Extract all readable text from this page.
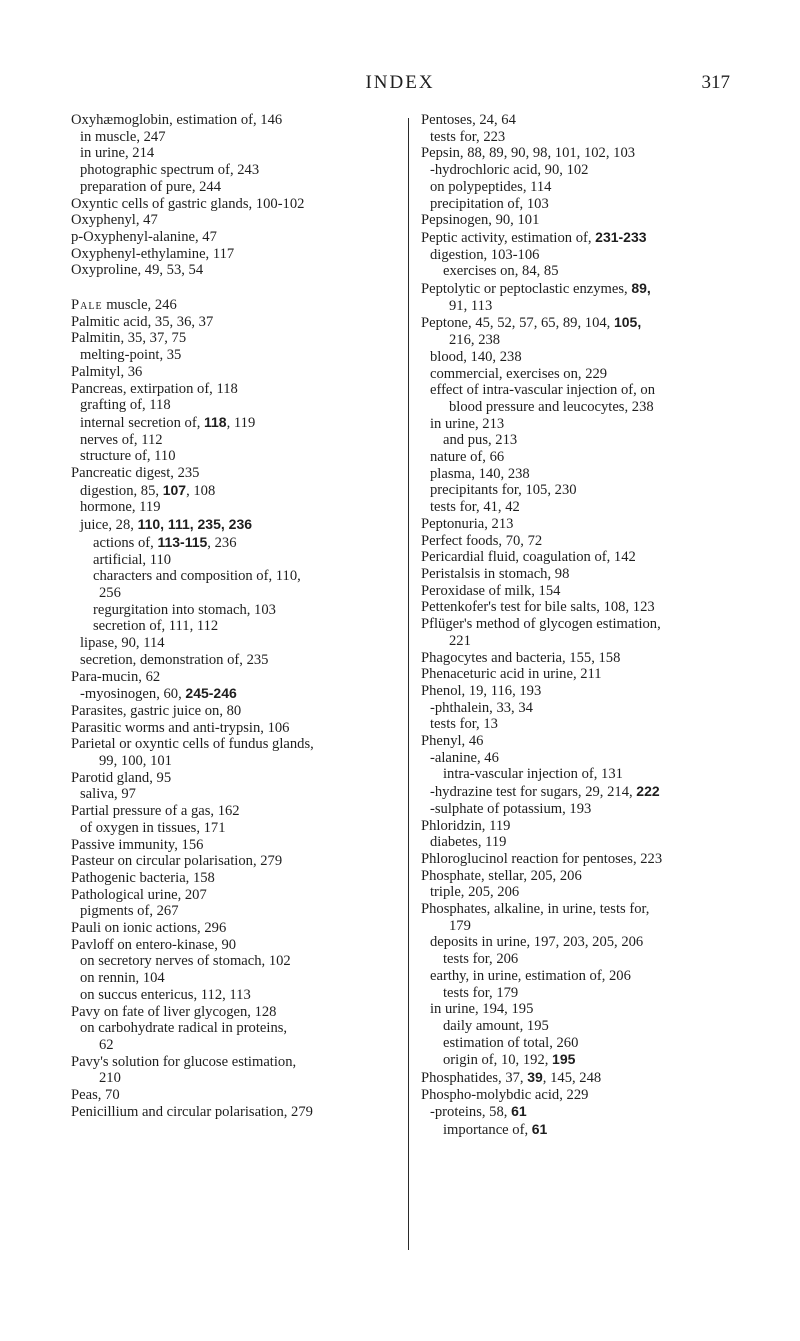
INDEX	317
Oxyhæmoglobin, estimation of, 146
in muscle, 247
in urine, 214
photographic spectrum of, 243
preparation of pure, 244
Oxyntic cells of gastric glands, 100-102
Oxyphenyl, 47
p-Oxyphenyl-alanine, 47
Oxyphenyl-ethylamine, 117
Oxyproline, 49, 53, 54
Pale muscle, 246
Palmitic acid, 35, 36, 37
Palmitin, 35, 37, 75
melting-point, 35
Palmityl, 36
Pancreas, extirpation of, 118
grafting of, 118
internal secretion of, 118, 119
nerves of, 112
structure of, 110
Pancreatic digest, 235
digestion, 85, 107, 108
hormone, 119
juice, 28, 110, 111, 235, 236
actions of, 113-115, 236
artificial, 110
characters and composition of, 110,
256
regurgitation into stomach, 103
secretion of, 111, 112
lipase, 90, 114
secretion, demonstration of, 235
Para-mucin, 62
-myosinogen, 60, 245-246
Parasites, gastric juice on, 80
Parasitic worms and anti-trypsin, 106
Parietal or oxyntic cells of fundus glands,
99, 100, 101
Parotid gland, 95
saliva, 97
Partial pressure of a gas, 162
of oxygen in tissues, 171
Passive immunity, 156
Pasteur on circular polarisation, 279
Pathogenic bacteria, 158
Pathological urine, 207
pigments of, 267
Pauli on ionic actions, 296
Pavloff on entero-kinase, 90
on secretory nerves of stomach, 102
on rennin, 104
on succus entericus, 112, 113
Pavy on fate of liver glycogen, 128
on carbohydrate radical in proteins,
62
Pavy's solution for glucose estimation,
210
Peas, 70
Penicillium and circular polarisation, 279
Pentoses, 24, 64
tests for, 223
Pepsin, 88, 89, 90, 98, 101, 102, 103
-hydrochloric acid, 90, 102
on polypeptides, 114
precipitation of, 103
Pepsinogen, 90, 101
Peptic activity, estimation of, 231-233
digestion, 103-106
exercises on, 84, 85
Peptolytic or peptoclastic enzymes, 89,
91, 113
Peptone, 45, 52, 57, 65, 89, 104, 105,
216, 238
blood, 140, 238
commercial, exercises on, 229
effect of intra-vascular injection of, on
blood pressure and leucocytes, 238
in urine, 213
and pus, 213
nature of, 66
plasma, 140, 238
precipitants for, 105, 230
tests for, 41, 42
Peptonuria, 213
Perfect foods, 70, 72
Pericardial fluid, coagulation of, 142
Peristalsis in stomach, 98
Peroxidase of milk, 154
Pettenkofer's test for bile salts, 108, 123
Pflüger's method of glycogen estimation,
221
Phagocytes and bacteria, 155, 158
Phenaceturic acid in urine, 211
Phenol, 19, 116, 193
-phthalein, 33, 34
tests for, 13
Phenyl, 46
-alanine, 46
intra-vascular injection of, 131
-hydrazine test for sugars, 29, 214, 222
-sulphate of potassium, 193
Phloridzin, 119
diabetes, 119
Phloroglucinol reaction for pentoses, 223
Phosphate, stellar, 205, 206
triple, 205, 206
Phosphates, alkaline, in urine, tests for,
179
deposits in urine, 197, 203, 205, 206
tests for, 206
earthy, in urine, estimation of, 206
tests for, 179
in urine, 194, 195
daily amount, 195
estimation of total, 260
origin of, 10, 192, 195
Phosphatides, 37, 39, 145, 248
Phospho-molybdic acid, 229
-proteins, 58, 61
importance of, 61
